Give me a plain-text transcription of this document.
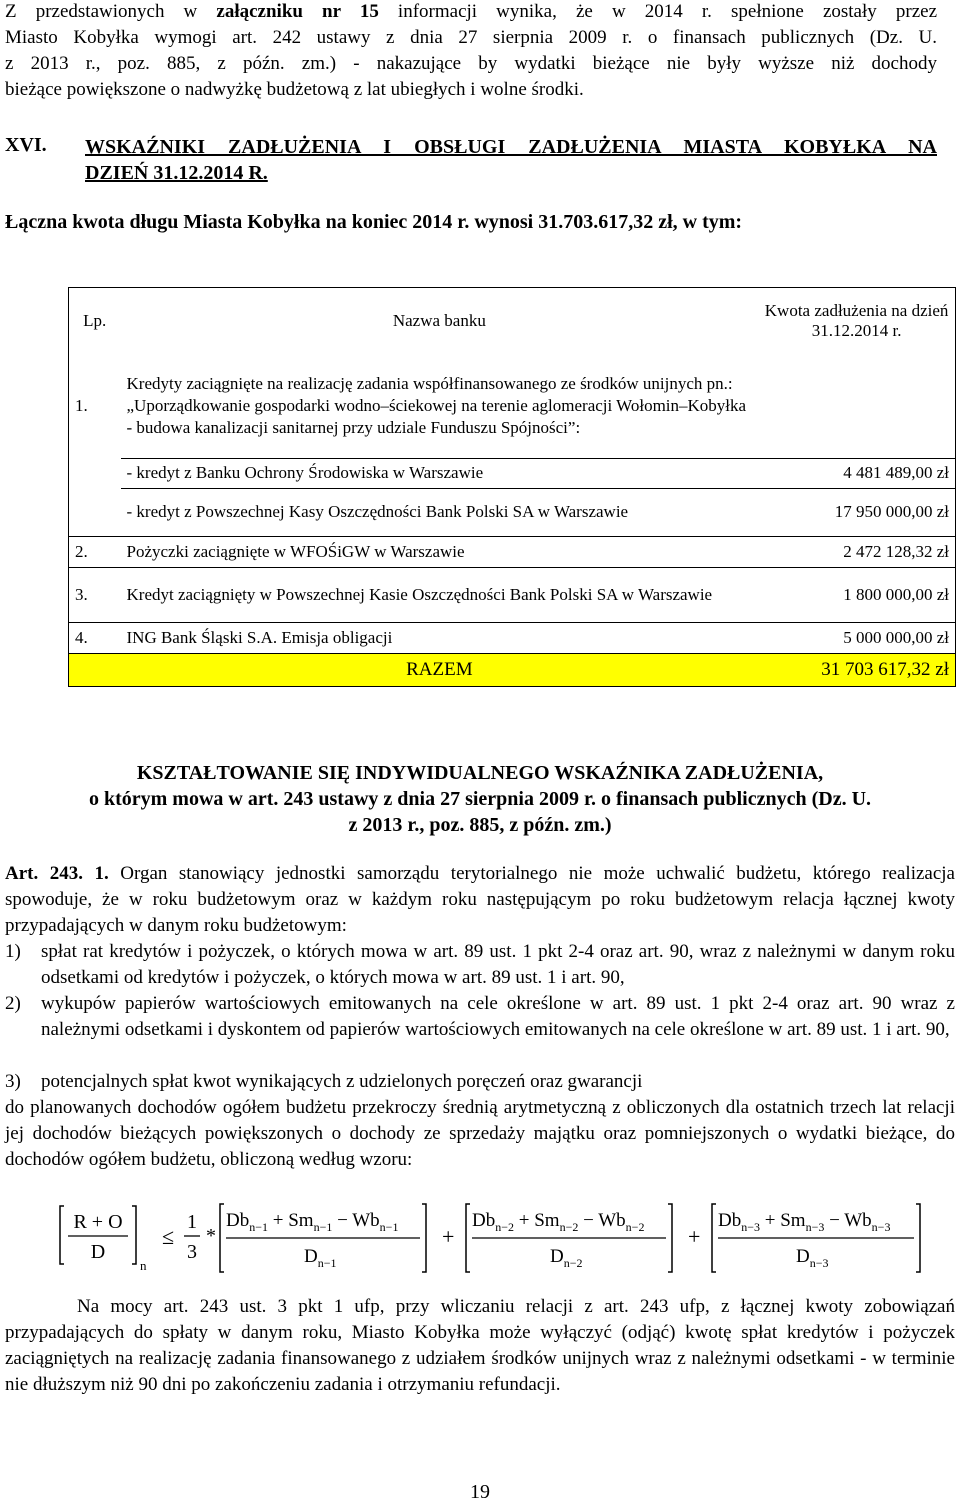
Z przedstawionych w załączniku nr 15 informacji wynika, że w 2014 r. spełnione zostały przez
Miasto Kobyłka wymogi art. 242 ustawy z dnia 27 sierpnia 2009 r. o finansach publicznych (Dz. U.
z 2013 r., poz. 885, z późn. zm.) - nakazujące by wydatki bieżące nie były wyższe niż dochody
bieżące powiększone o nadwyżkę budżetową z lat ubiegłych i wolne środki.
XVI. WSKAŹNIKI ZADŁUŻENIA I OBSŁUGI ZADŁUŻENIA MIASTA KOBYŁKA NA
DZIEŃ 31.12.2014 R.
Łączna kwota długu Miasta Kobyłka na koniec 2014 r. wynosi 31.703.617,32 zł, w tym:
Lp.	Nazwa banku	Kwota zadłużenia na dzień 31.12.2014 r.
1.	Kredyty zaciągnięte na realizację zadania współfinansowanego ze środków unijnych pn.: „Uporządkowanie gospodarki wodno–ściekowej na terenie aglomeracji Wołomin–Kobyłka - budowa kanalizacji sanitarnej przy udziale Funduszu Spójności”:	
	- kredyt z Banku Ochrony Środowiska w Warszawie	4 481 489,00 zł
	- kredyt z Powszechnej Kasy Oszczędności Bank Polski SA w Warszawie	17 950 000,00 zł
2.	Pożyczki zaciągnięte w WFOŚiGW w Warszawie	2 472 128,32 zł
3.	Kredyt zaciągnięty w Powszechnej Kasie Oszczędności Bank Polski SA w Warszawie	1 800 000,00 zł
4.	ING Bank Śląski S.A. Emisja obligacji	5 000 000,00 zł
	RAZEM	31 703 617,32 zł
KSZTAŁTOWANIE SIĘ INDYWIDUALNEGO WSKAŹNIKA ZADŁUŻENIA,
o którym mowa w art. 243 ustawy z dnia 27 sierpnia 2009 r. o finansach publicznych (Dz. U.
z 2013 r., poz. 885, z późn. zm.)
Art. 243. 1. Organ stanowiący jednostki samorządu terytorialnego nie może uchwalić budżetu, którego realizacja spowoduje, że w roku budżetowym oraz w każdym roku następującym po roku budżetowym relacja łącznej kwoty przypadających w danym roku budżetowym:
1) spłat rat kredytów i pożyczek, o których mowa w art. 89 ust. 1 pkt 2-4 oraz art. 90, wraz z należnymi w danym roku odsetkami od kredytów i pożyczek, o których mowa w art. 89 ust. 1 i art. 90,
2) wykupów papierów wartościowych emitowanych na cele określone w art. 89 ust. 1 pkt 2-4 oraz art. 90 wraz z należnymi odsetkami i dyskontem od papierów wartościowych emitowanych na cele określone w art. 89 ust. 1 i art. 90,
3) potencjalnych spłat kwot wynikających z udzielonych poręczeń oraz gwarancji
do planowanych dochodów ogółem budżetu przekroczy średnią arytmetyczną z obliczonych dla ostatnich trzech lat relacji jej dochodów bieżących powiększonych o dochody ze sprzedaży majątku oraz pomniejszonych o wydatki bieżące, do dochodów ogółem budżetu, obliczoną według wzoru:
R + O
D
n
≤
1
3
*
$Db_{n-1} + Sm_{n-1} - Wb_{n-1}$
$D_{n-1}$
+
$Db_{n-2} + Sm_{n-2} - Wb_{n-2}$
$D_{n-2}$
+
$Db_{n-3} + Sm_{n-3} - Wb_{n-3}$
$D_{n-3}$
Na mocy art. 243 ust. 3 pkt 1 ufp, przy wliczaniu relacji z art. 243 ufp, z łącznej kwoty zobowiązań przypadających do spłaty w danym roku, Miasto Kobyłka może wyłączyć (odjąć) kwotę spłat kredytów i pożyczek zaciągniętych na realizację zadania finansowanego z udziałem środków unijnych wraz z należnymi odsetkami - w terminie nie dłuższym niż 90 dni po zakończeniu zadania i otrzymaniu refundacji.
19
